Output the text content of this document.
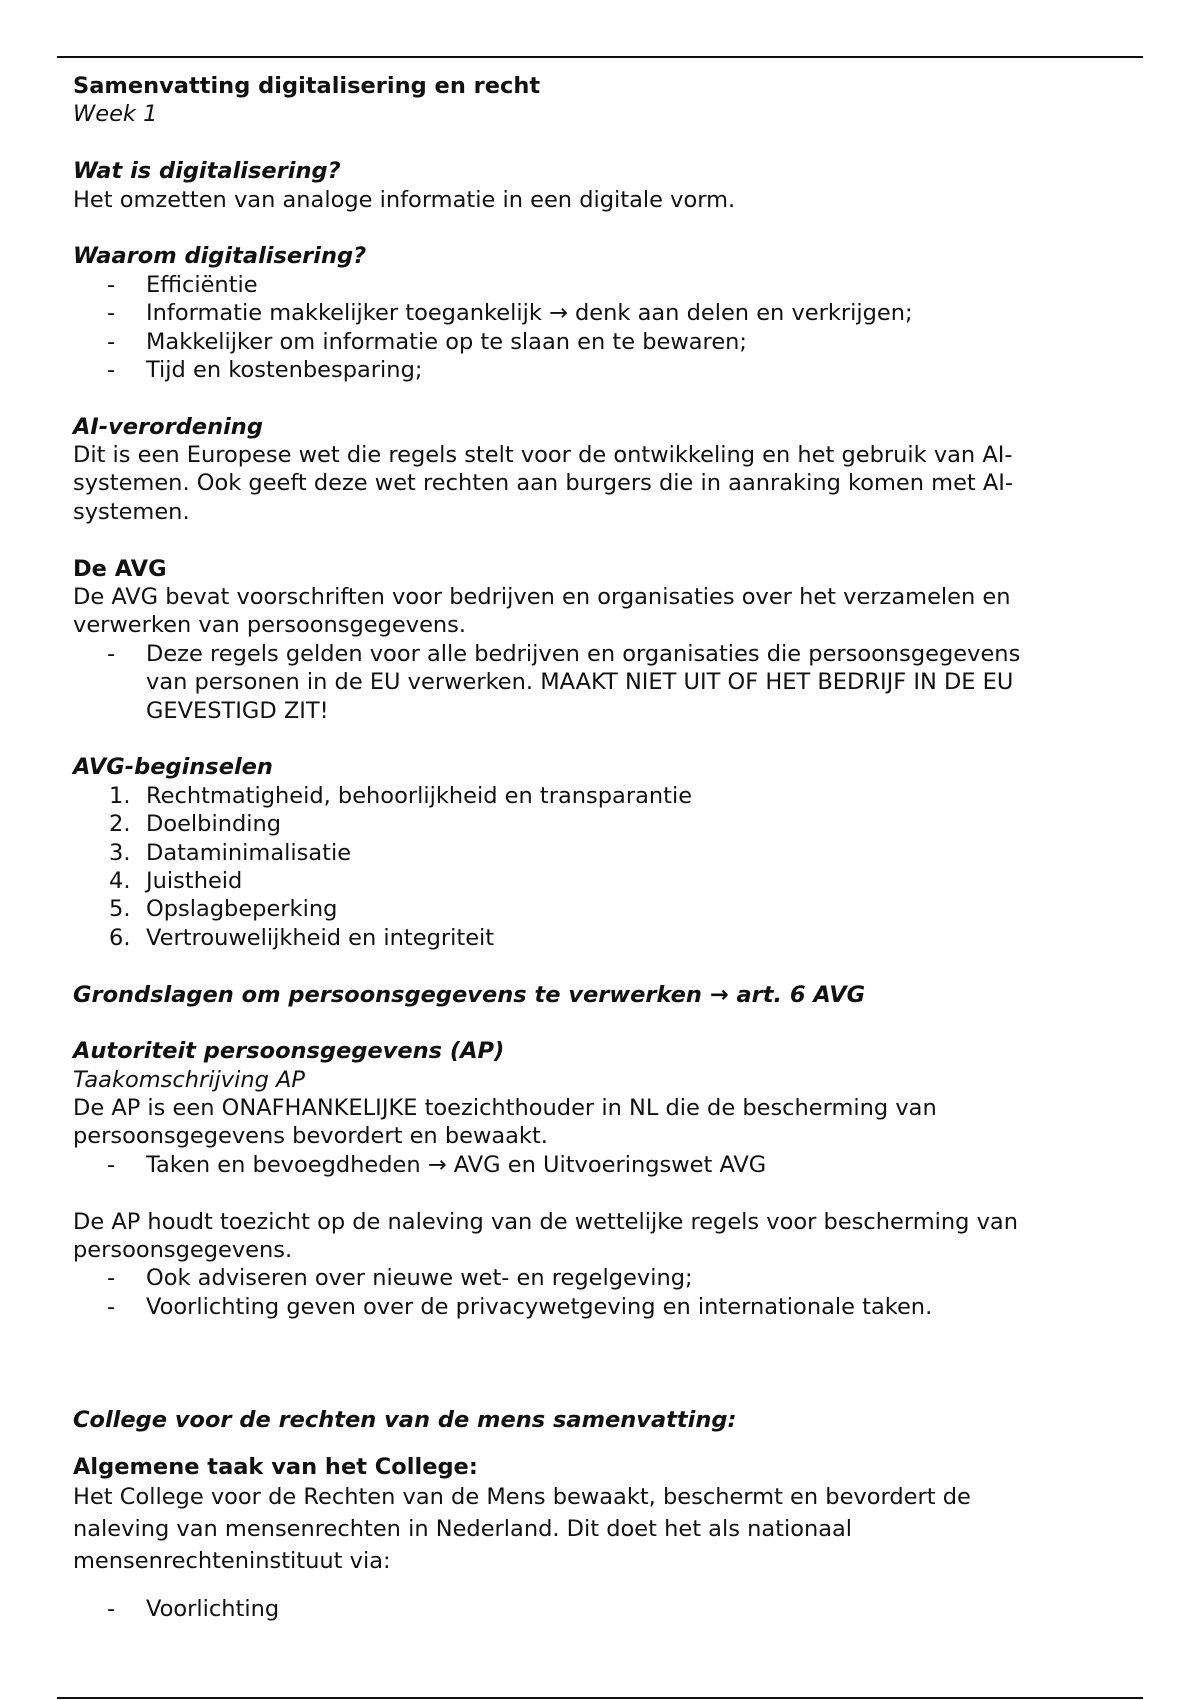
Samenvatting digitalisering en recht
Week 1
Wat is digitalisering?
Het omzetten van analoge informatie in een digitale vorm.
Waarom digitalisering?
- Efficiëntie
- Informatie makkelijker toegankelijk → denk aan delen en verkrijgen;
- Makkelijker om informatie op te slaan en te bewaren;
- Tijd en kostenbesparing;
AI-verordening
Dit is een Europese wet die regels stelt voor de ontwikkeling en het gebruik van AI-
systemen. Ook geeft deze wet rechten aan burgers die in aanraking komen met AI-
systemen.
De AVG
De AVG bevat voorschriften voor bedrijven en organisaties over het verzamelen en
verwerken van persoonsgegevens.
- Deze regels gelden voor alle bedrijven en organisaties die persoonsgegevens
van personen in de EU verwerken. MAAKT NIET UIT OF HET BEDRIJF IN DE EU
GEVESTIGD ZIT!
AVG-beginselen
1. Rechtmatigheid, behoorlijkheid en transparantie
2. Doelbinding
3. Dataminimalisatie
4. Juistheid
5. Opslagbeperking
6. Vertrouwelijkheid en integriteit
Grondslagen om persoonsgegevens te verwerken → art. 6 AVG
Autoriteit persoonsgegevens (AP)
Taakomschrijving AP
De AP is een ONAFHANKELIJKE toezichthouder in NL die de bescherming van
persoonsgegevens bevordert en bewaakt.
- Taken en bevoegdheden → AVG en Uitvoeringswet AVG
De AP houdt toezicht op de naleving van de wettelijke regels voor bescherming van
persoonsgegevens.
- Ook adviseren over nieuwe wet- en regelgeving;
- Voorlichting geven over de privacywetgeving en internationale taken.
College voor de rechten van de mens samenvatting:
Algemene taak van het College:
Het College voor de Rechten van de Mens bewaakt, beschermt en bevordert de
naleving van mensenrechten in Nederland. Dit doet het als nationaal
mensenrechteninstituut via:
- Voorlichting
